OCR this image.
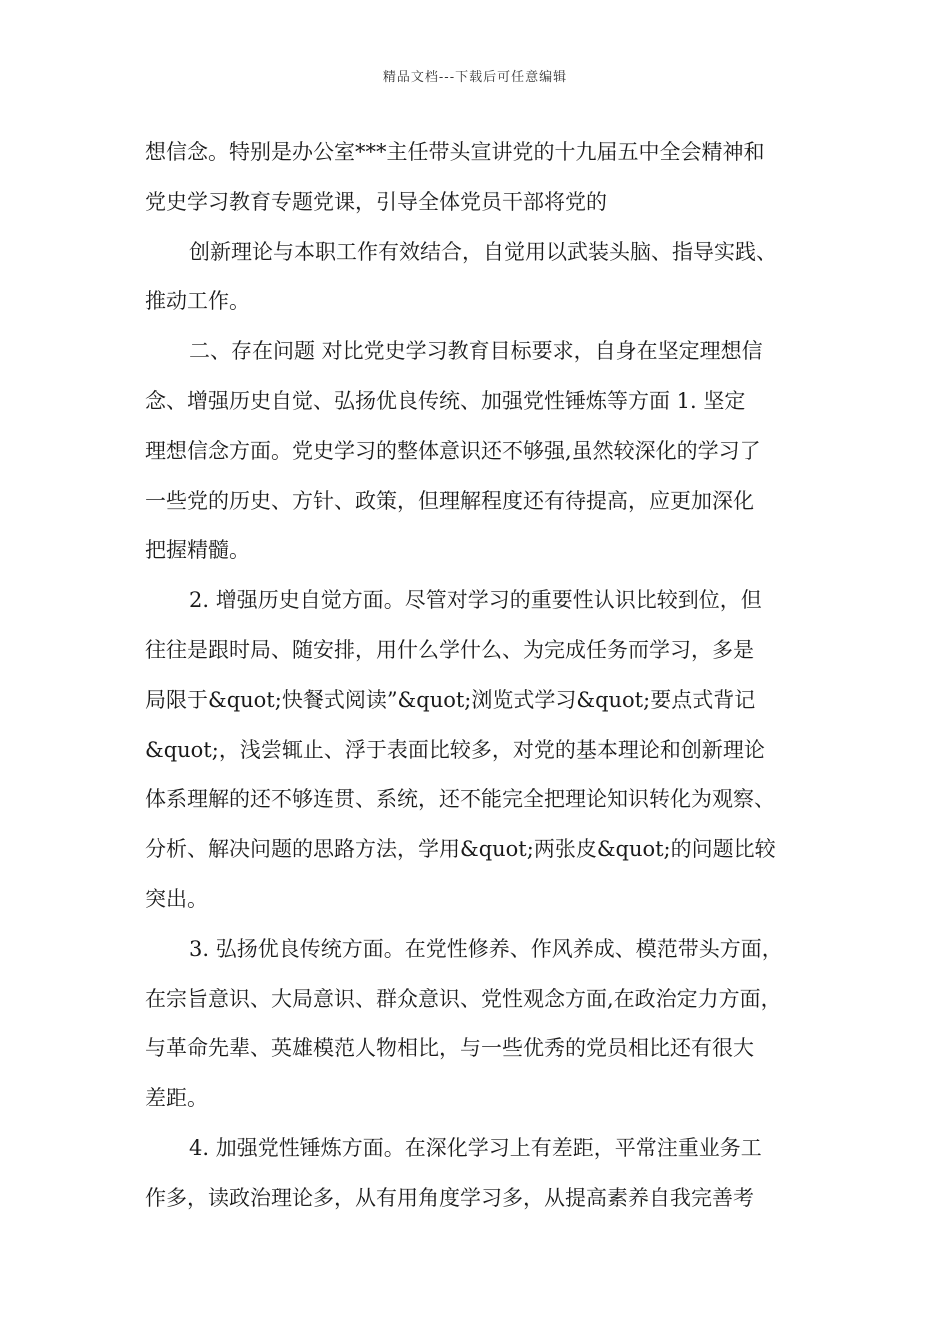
精品文档---下载后可任意编辑
想信念。特别是办公室***主任带头宣讲党的十九届五中全会精神和
党史学习教育专题党课，引导全体党员干部将党的
创新理论与本职工作有效结合，自觉用以武装头脑、指导实践、
推动工作。
二、存在问题 对比党史学习教育目标要求，自身在坚定理想信
念、增强历史自觉、弘扬优良传统、加强党性锤炼等方面 1. 坚定
理想信念方面。党史学习的整体意识还不够强,虽然较深化的学习了
一些党的历史、方针、政策，但理解程度还有待提高，应更加深化
把握精髓。
2. 增强历史自觉方面。尽管对学习的重要性认识比较到位，但
往往是跟时局、随安排，用什么学什么、为完成任务而学习，多是
局限于&quot;快餐式阅读”&quot;浏览式学习&quot;要点式背记
&quot;，浅尝辄止、浮于表面比较多，对党的基本理论和创新理论
体系理解的还不够连贯、系统，还不能完全把理论知识转化为观察、
分析、解决问题的思路方法，学用&quot;两张皮&quot;的问题比较
突出。
3. 弘扬优良传统方面。在党性修养、作风养成、模范带头方面，
在宗旨意识、大局意识、群众意识、党性观念方面,在政治定力方面，
与革命先辈、英雄模范人物相比，与一些优秀的党员相比还有很大
差距。
4. 加强党性锤炼方面。在深化学习上有差距，平常注重业务工
作多，读政治理论多，从有用角度学习多，从提高素养自我完善考
